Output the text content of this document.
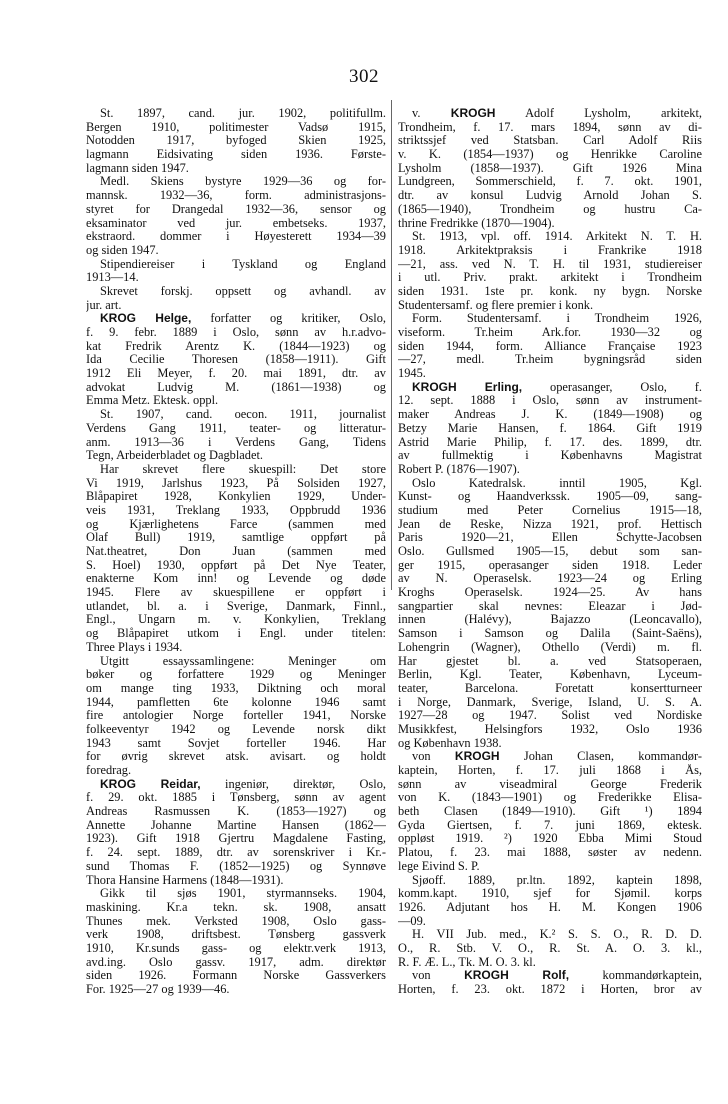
302
St. 1897, cand. jur. 1902, politifullm.
Bergen 1910, politimester Vadsø 1915,
Notodden 1917, byfoged Skien 1925,
lagmann Eidsivating siden 1936. Første-
lagmann siden 1947.
Medl. Skiens bystyre 1929—36 og for-
mannsk. 1932—36, form. administrasjons-
styret for Drangedal 1932—36, sensor og
eksaminator ved jur. embetseks. 1937,
ekstraord. dommer i Høyesterett 1934—39
og siden 1947.
Stipendiereiser i Tyskland og England
1913—14.
Skrevet forskj. oppsett og avhandl. av
jur. art.
KROG Helge, forfatter og kritiker, Oslo,
f. 9. febr. 1889 i Oslo, sønn av h.r.advo-
kat Fredrik Arentz K. (1844—1923) og
Ida Cecilie Thoresen (1858—1911). Gift
1912 Eli Meyer, f. 20. mai 1891, dtr. av
advokat Ludvig M. (1861—1938) og
Emma Metz. Ektesk. oppl.
St. 1907, cand. oecon. 1911, journalist
Verdens Gang 1911, teater- og litteratur-
anm. 1913—36 i Verdens Gang, Tidens
Tegn, Arbeiderbladet og Dagbladet.
Har skrevet flere skuespill: Det store
Vi 1919, Jarlshus 1923, På Solsiden 1927,
Blåpapiret 1928, Konkylien 1929, Under-
veis 1931, Treklang 1933, Oppbrudd 1936
og Kjærlighetens Farce (sammen med
Olaf Bull) 1919, samtlige oppført på
Nat.theatret, Don Juan (sammen med
S. Hoel) 1930, oppført på Det Nye Teater,
enakterne Kom inn! og Levende og døde
1945. Flere av skuespillene er oppført i
utlandet, bl. a. i Sverige, Danmark, Finnl.,
Engl., Ungarn m. v. Konkylien, Treklang
og Blåpapiret utkom i Engl. under titelen:
Three Plays i 1934.
Utgitt essayssamlingene: Meninger om
bøker og forfattere 1929 og Meninger
om mange ting 1933, Diktning och moral
1944, pamfletten 6te kolonne 1946 samt
fire antologier Norge forteller 1941, Norske
folkeeventyr 1942 og Levende norsk dikt
1943 samt Sovjet forteller 1946. Har
for øvrig skrevet atsk. avisart. og holdt
foredrag.
KROG Reidar, ingeniør, direktør, Oslo,
f. 29. okt. 1885 i Tønsberg, sønn av agent
Andreas Rasmussen K. (1853—1927) og
Annette Johanne Martine Hansen (1862—
1923). Gift 1918 Gjertru Magdalene Fasting,
f. 24. sept. 1889, dtr. av sorenskriver i Kr.-
sund Thomas F. (1852—1925) og Synnøve
Thora Hansine Harmens (1848—1931).
Gikk til sjøs 1901, styrmannseks. 1904,
maskining. Kr.a tekn. sk. 1908, ansatt
Thunes mek. Verksted 1908, Oslo gass-
verk 1908, driftsbest. Tønsberg gassverk
1910, Kr.sunds gass- og elektr.verk 1913,
avd.ing. Oslo gassv. 1917, adm. direktør
siden 1926. Formann Norske Gassverkers
For. 1925—27 og 1939—46.
v. KROGH Adolf Lysholm, arkitekt,
Trondheim, f. 17. mars 1894, sønn av di-
striktssjef ved Statsban. Carl Adolf Riis
v. K. (1854—1937) og Henrikke Caroline
Lysholm (1858—1937). Gift 1926 Mina
Lundgreen, Sommerschield, f. 7. okt. 1901,
dtr. av konsul Ludvig Arnold Johan S.
(1865—1940), Trondheim og hustru Ca-
thrine Fredrikke (1870—1904).
St. 1913, vpl. off. 1914. Arkitekt N. T. H.
1918. Arkitektpraksis i Frankrike 1918
—21, ass. ved N. T. H. til 1931, studiereiser
i utl. Priv. prakt. arkitekt i Trondheim
siden 1931. 1ste pr. konk. ny bygn. Norske
Studentersamf. og flere premier i konk.
Form. Studentersamf. i Trondheim 1926,
viseform. Tr.heim Ark.for. 1930—32 og
siden 1944, form. Alliance Française 1923
—27, medl. Tr.heim bygningsråd siden
1945.
KROGH Erling, operasanger, Oslo, f.
12. sept. 1888 i Oslo, sønn av instrument-
maker Andreas J. K. (1849—1908) og
Betzy Marie Hansen, f. 1864. Gift 1919
Astrid Marie Philip, f. 17. des. 1899, dtr.
av fullmektig i Københavns Magistrat
Robert P. (1876—1907).
Oslo Katedralsk. inntil 1905, Kgl.
Kunst- og Haandverkssk. 1905—09, sang-
studium med Peter Cornelius 1915—18,
Jean de Reske, Nizza 1921, prof. Hettisch
Paris 1920—21, Ellen Schytte-Jacobsen
Oslo. Gullsmed 1905—15, debut som san-
ger 1915, operasanger siden 1918. Leder
av N. Operaselsk. 1923—24 og Erling
Kroghs Operaselsk. 1924—25. Av hans
sangpartier skal nevnes: Eleazar i Jød-
innen (Halévy), Bajazzo (Leoncavallo),
Samson i Samson og Dalila (Saint-Saëns),
Lohengrin (Wagner), Othello (Verdi) m. fl.
Har gjestet bl. a. ved Statsoperaen,
Berlin, Kgl. Teater, København, Lyceum-
teater, Barcelona. Foretatt konsertturneer
i Norge, Danmark, Sverige, Island, U. S. A.
1927—28 og 1947. Solist ved Nordiske
Musikkfest, Helsingfors 1932, Oslo 1936
og København 1938.
von KROGH Johan Clasen, kommandør-
kaptein, Horten, f. 17. juli 1868 i Ås,
sønn av viseadmiral George Frederik
von K. (1843—1901) og Frederikke Elisa-
beth Clasen (1849—1910). Gift ¹) 1894
Gyda Giertsen, f. 7. juni 1869, ektesk.
oppløst 1919. ²) 1920 Ebba Mimi Stoud
Platou, f. 23. mai 1888, søster av nedenn.
lege Eivind S. P.
Sjøoff. 1889, pr.ltn. 1892, kaptein 1898,
komm.kapt. 1910, sjef for Sjømil. korps
1926. Adjutant hos H. M. Kongen 1906
—09.
H. VII Jub. med., K.² S. S. O., R. D. D.
O., R. Stb. V. O., R. St. A. O. 3. kl.,
R. F. Æ. L., Tk. M. O. 3. kl.
von KROGH Rolf, kommandørkaptein,
Horten, f. 23. okt. 1872 i Horten, bror av
